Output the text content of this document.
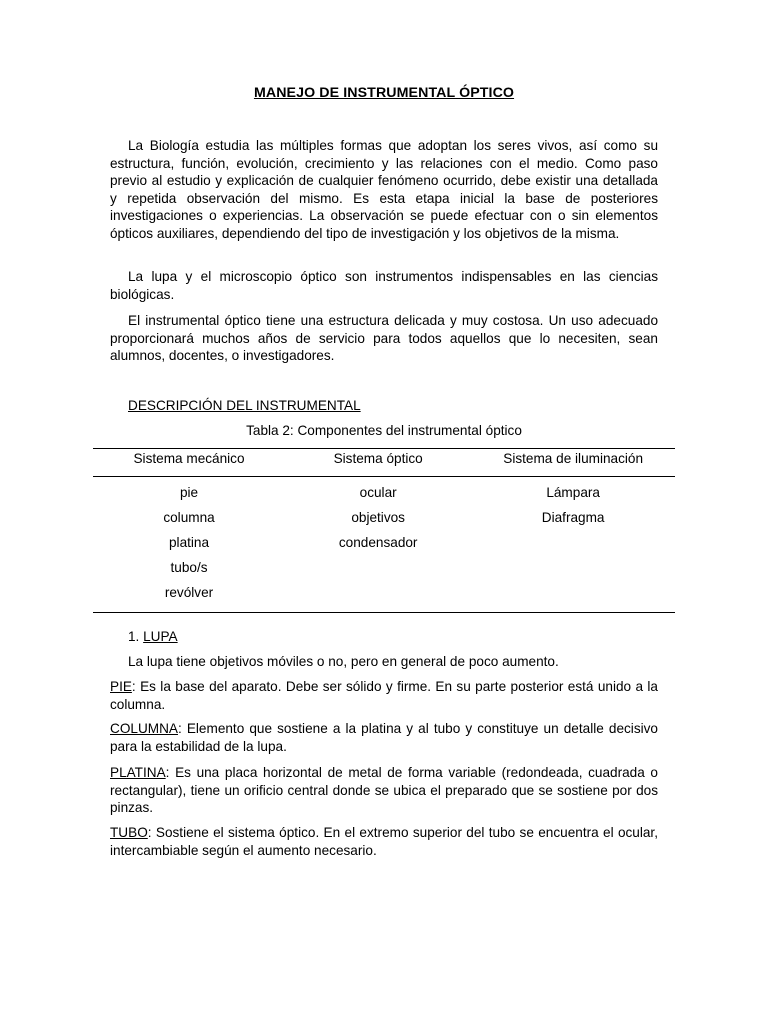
MANEJO DE INSTRUMENTAL ÓPTICO

La Biología estudia las múltiples formas que adoptan los seres vivos, así como su estructura, función, evolución, crecimiento y las relaciones con el medio. Como paso previo al estudio y explicación de cualquier fenómeno ocurrido, debe existir una detallada y repetida observación del mismo. Es esta etapa inicial la base de posteriores investigaciones o experiencias. La observación se puede efectuar con o sin elementos ópticos auxiliares, dependiendo del tipo de investigación y los objetivos de la misma.

La lupa y el microscopio óptico son instrumentos indispensables en las ciencias biológicas.

El instrumental óptico tiene una estructura delicada y muy costosa. Un uso adecuado proporcionará muchos años de servicio para todos aquellos que lo necesiten, sean alumnos, docentes, o investigadores.

DESCRIPCIÓN DEL INSTRUMENTAL
Tabla 2: Componentes del instrumental óptico
Sistema mecánico	Sistema óptico	Sistema de iluminación
pie	ocular	Lámpara
columna	objetivos	Diafragma
platina	condensador	
tubo/s		
revólver		
1. LUPA

La lupa tiene objetivos móviles o no, pero en general de poco aumento.

PIE: Es la base del aparato. Debe ser sólido y firme. En su parte posterior está unido a la columna.

COLUMNA: Elemento que sostiene a la platina y al tubo y constituye un detalle decisivo para la estabilidad de la lupa.

PLATINA: Es una placa horizontal de metal de forma variable (redondeada, cuadrada o rectangular), tiene un orificio central donde se ubica el preparado que se sostiene por dos pinzas.

TUBO: Sostiene el sistema óptico. En el extremo superior del tubo se encuentra el ocular, intercambiable según el aumento necesario.
